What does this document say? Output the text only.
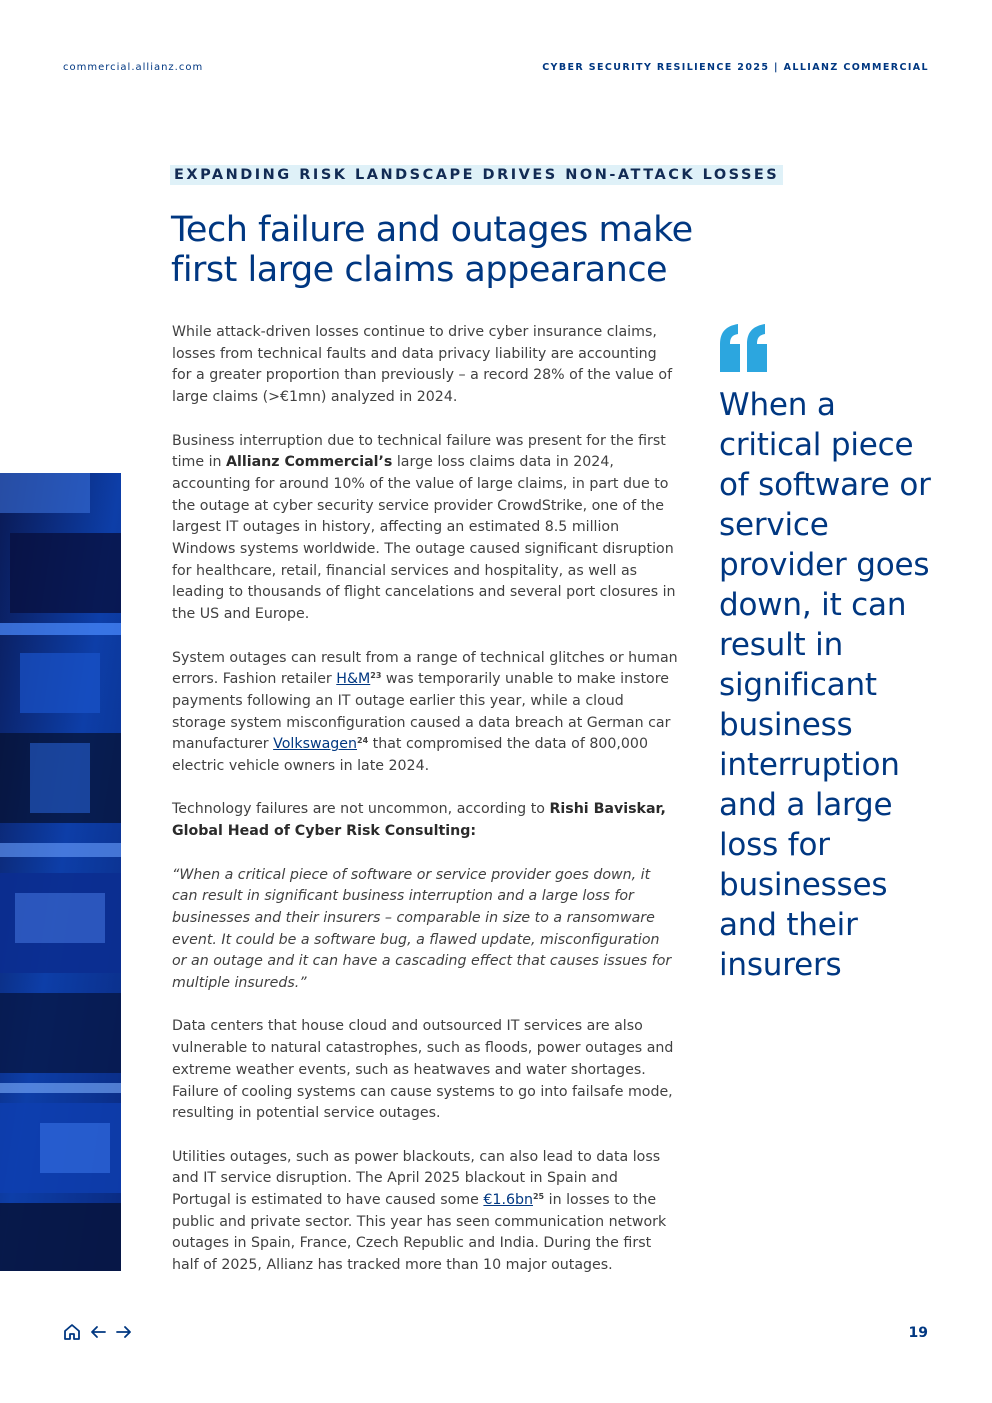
commercial.allianz.com	CYBER SECURITY RESILIENCE 2025 | ALLIANZ COMMERCIAL
EXPANDING RISK LANDSCAPE DRIVES NON-ATTACK LOSSES
Tech failure and outages make first large claims appearance

While attack-driven losses continue to drive cyber insurance claims, losses from technical faults and data privacy liability are accounting for a greater proportion than previously – a record 28% of the value of large claims (>€1mn) analyzed in 2024.

Business interruption due to technical failure was present for the first time in Allianz Commercial’s large loss claims data in 2024, accounting for around 10% of the value of large claims, in part due to the outage at cyber security service provider CrowdStrike, one of the largest IT outages in history, affecting an estimated 8.5 million Windows systems worldwide. The outage caused significant disruption for healthcare, retail, financial services and hospitality, as well as leading to thousands of flight cancelations and several port closures in the US and Europe.

System outages can result from a range of technical glitches or human errors. Fashion retailer $H\&M^{23}$ was temporarily unable to make instore payments following an IT outage earlier this year, while a cloud storage system misconfiguration caused a data breach at German car manufacturer Volkswagen$^{24}$ that compromised the data of 800,000 electric vehicle owners in late 2024.

Technology failures are not uncommon, according to Rishi Baviskar, Global Head of Cyber Risk Consulting:

“When a critical piece of software or service provider goes down, it can result in significant business interruption and a large loss for businesses and their insurers – comparable in size to a ransomware event. It could be a software bug, a flawed update, misconfiguration or an outage and it can have a cascading effect that causes issues for multiple insureds.”

Data centers that house cloud and outsourced IT services are also vulnerable to natural catastrophes, such as floods, power outages and extreme weather events, such as heatwaves and water shortages. Failure of cooling systems can cause systems to go into failsafe mode, resulting in potential service outages.

Utilities outages, such as power blackouts, can also lead to data loss and IT service disruption. The April 2025 blackout in Spain and Portugal is estimated to have caused some $€1.6bn^{25}$ in losses to the public and private sector. This year has seen communication network outages in Spain, France, Czech Republic and India. During the first half of 2025, Allianz has tracked more than 10 major outages.

When a critical piece of software or service provider goes down, it can result in significant business interruption and a large loss for businesses and their insurers

19
